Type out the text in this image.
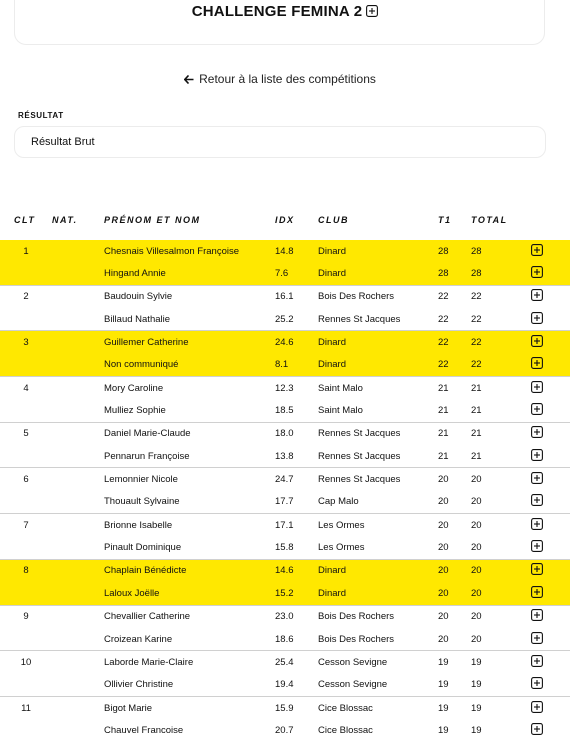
CHALLENGE FEMINA 2
Retour à la liste des compétitions
RÉSULTAT
Résultat Brut
CLT	NAT.	PRÉNOM ET NOM	IDX	CLUB	T1	TOTAL	

1		Chesnais Villesalmon Françoise	14.8	Dinard	28	28	
		Hingand Annie	7.6	Dinard	28	28	
2		Baudouin Sylvie	16.1	Bois Des Rochers	22	22	
		Billaud Nathalie	25.2	Rennes St Jacques	22	22	
3		Guillemer Catherine	24.6	Dinard	22	22	
		Non communiqué	8.1	Dinard	22	22	
4		Mory Caroline	12.3	Saint Malo	21	21	
		Mulliez Sophie	18.5	Saint Malo	21	21	
5		Daniel Marie-Claude	18.0	Rennes St Jacques	21	21	
		Pennarun Françoise	13.8	Rennes St Jacques	21	21	
6		Lemonnier Nicole	24.7	Rennes St Jacques	20	20	
		Thouault Sylvaine	17.7	Cap Malo	20	20	
7		Brionne Isabelle	17.1	Les Ormes	20	20	
		Pinault Dominique	15.8	Les Ormes	20	20	
8		Chaplain Bénédicte	14.6	Dinard	20	20	
		Laloux Joëlle	15.2	Dinard	20	20	
9		Chevallier Catherine	23.0	Bois Des Rochers	20	20	
		Croizean Karine	18.6	Bois Des Rochers	20	20	
10		Laborde Marie-Claire	25.4	Cesson Sevigne	19	19	
		Ollivier Christine	19.4	Cesson Sevigne	19	19	
11		Bigot Marie	15.9	Cice Blossac	19	19	
		Chauvel Francoise	20.7	Cice Blossac	19	19	
